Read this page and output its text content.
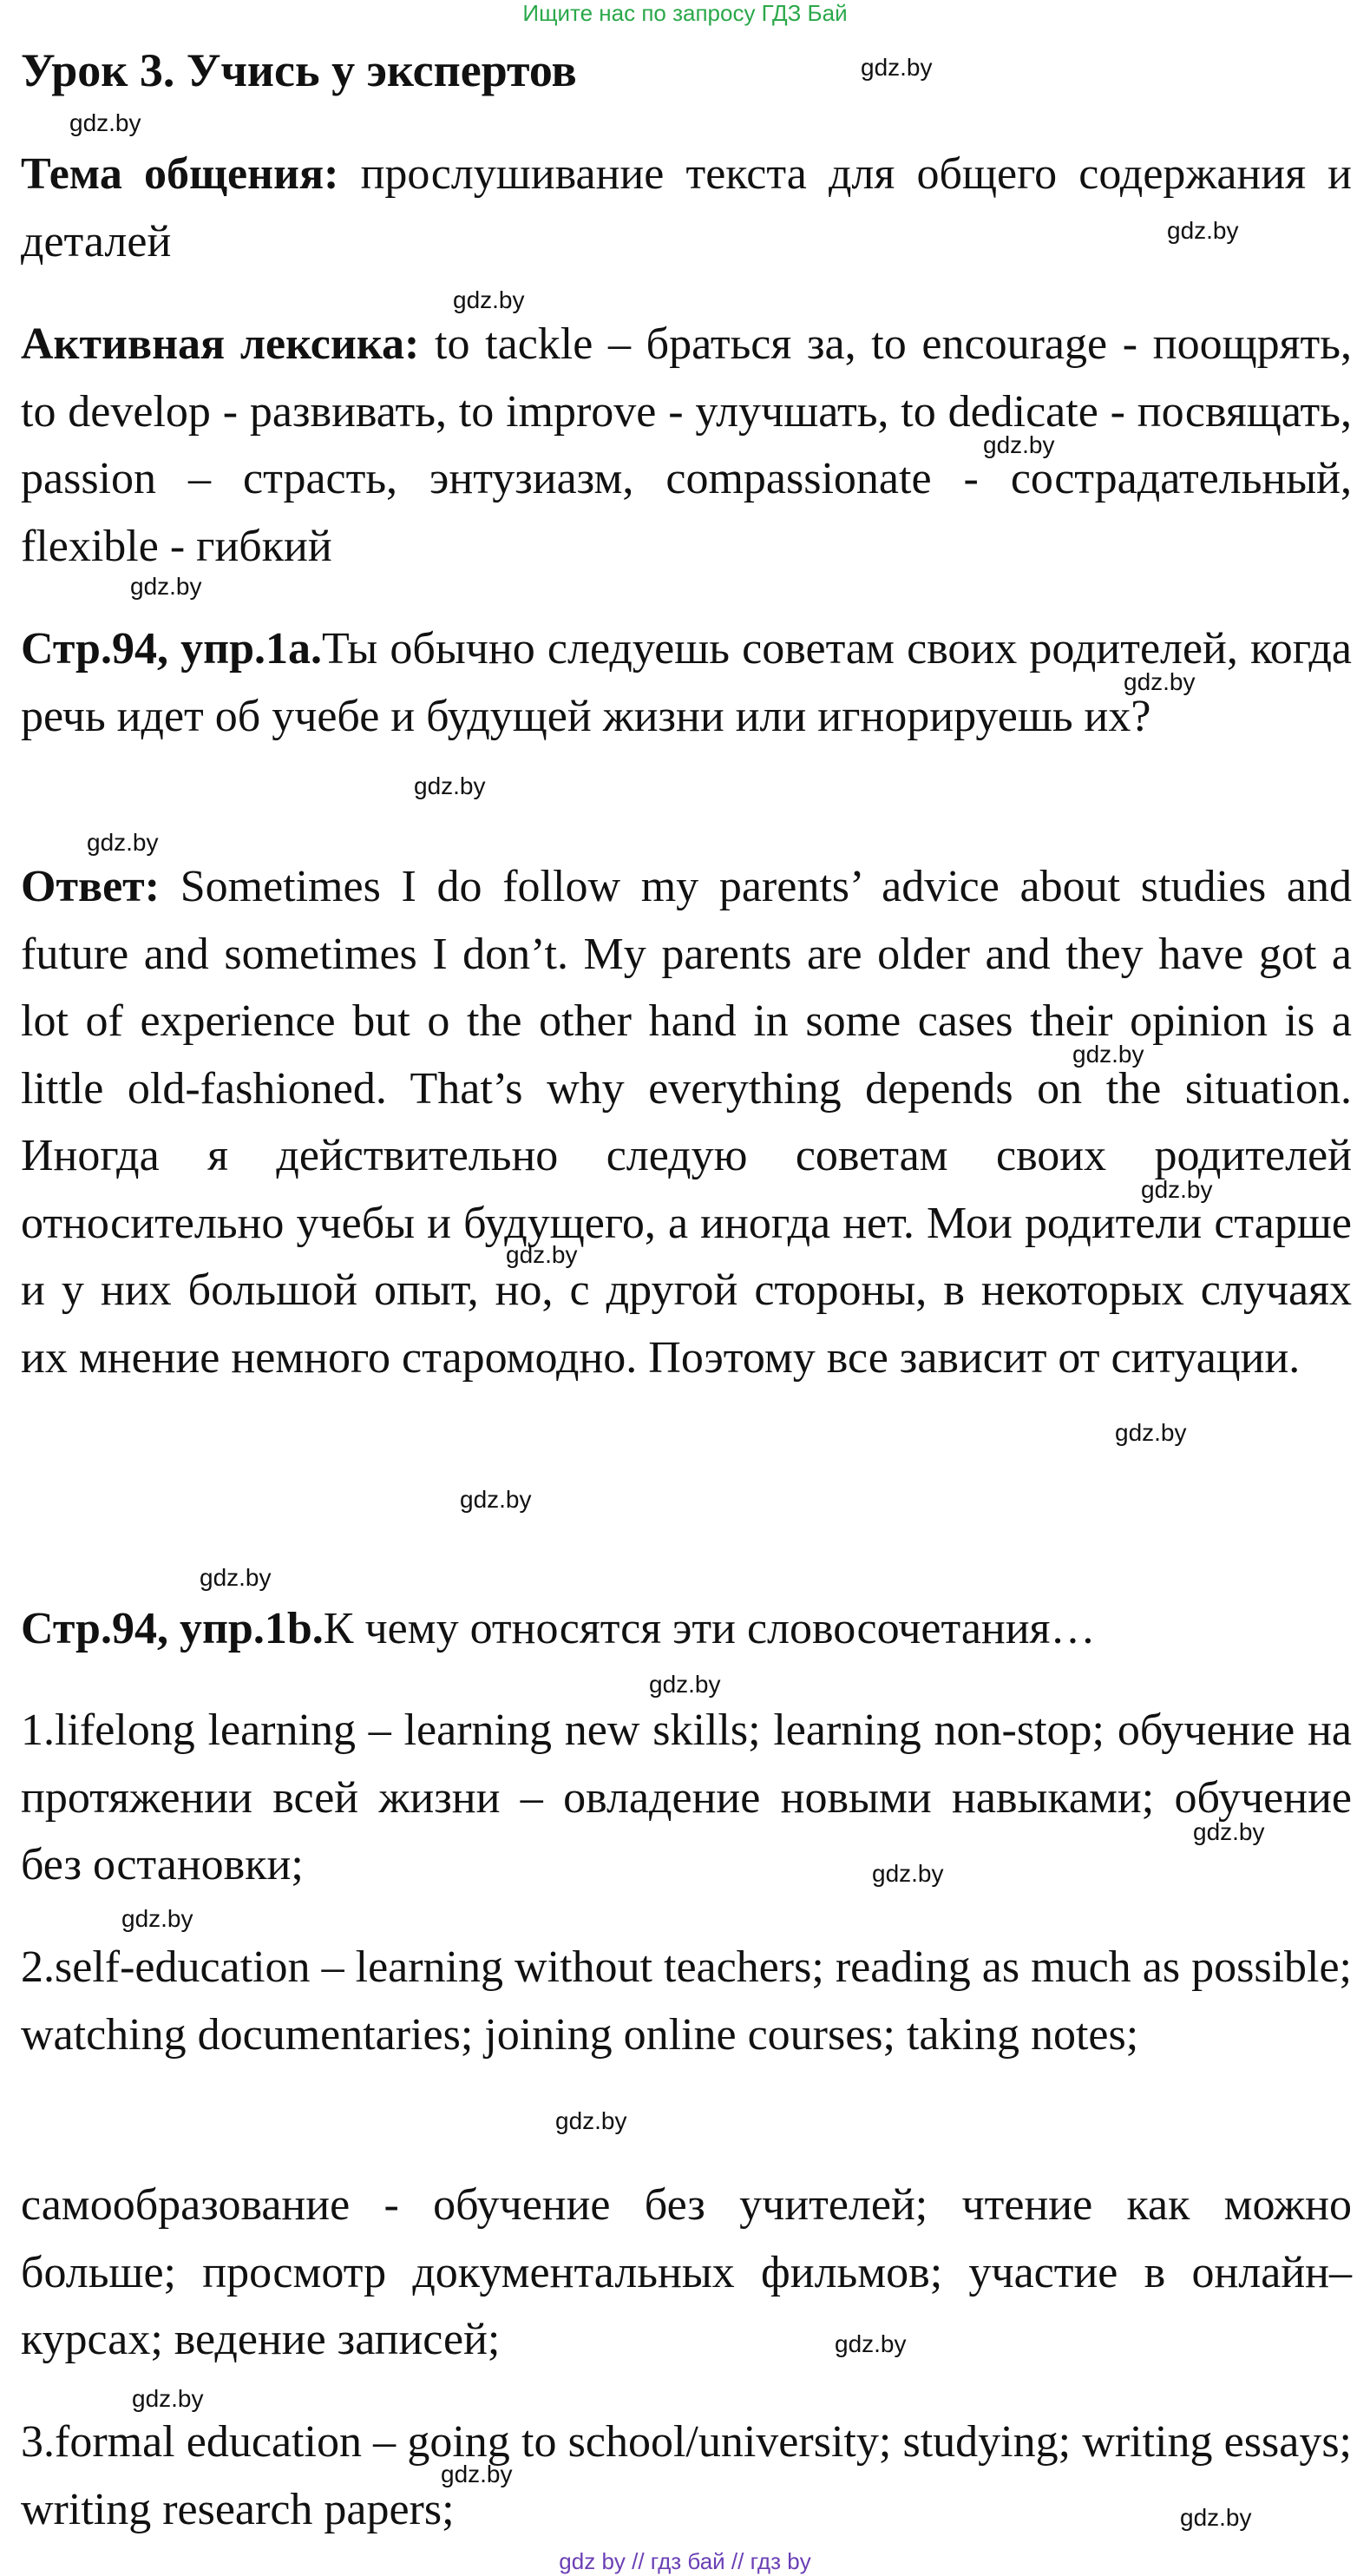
Ищите нас по запросу ГДЗ Бай
Урок 3. Учись у экспертов
Тема общения: прослушивание текста для общего содержания и деталей
Активная лексика: to tackle – браться за, to encourage - поощрять, to develop - развивать, to improve - улучшать, to dedicate - посвящать, passion – страсть, энтузиазм, compassionate - сострадательный, flexible - гибкий
Стр.94, упр.1а.Ты обычно следуешь советам своих родителей, когда речь идет об учебе и будущей жизни или игнорируешь их?
Ответ: Sometimes I do follow my parents’ advice about studies and future and sometimes I don’t. My parents are older and they have got a lot of experience but o the other hand in some cases their opinion is a little old-fashioned. That’s why everything depends on the situation. Иногда я действительно следую советам своих родителей относительно учебы и будущего, а иногда нет. Мои родители старше и у них большой опыт, но, с другой стороны, в некоторых случаях их мнение немного старомодно. Поэтому все зависит от ситуации.
Стр.94, упр.1b.К чему относятся эти словосочетания…
1.lifelong learning – learning new skills; learning non-stop; обучение на протяжении всей жизни – овладение новыми навыками; обучение без остановки;
2.self-education – learning without teachers; reading as much as possible; watching documentaries; joining online courses; taking notes;
самообразование - обучение без учителей; чтение как можно больше; просмотр документальных фильмов; участие в онлайн–курсах; ведение записей;
3.formal education – going to school/university; studying; writing essays; writing research papers;
gdz.by
gdz.by
gdz.by
gdz.by
gdz.by
gdz.by
gdz.by
gdz.by
gdz.by
gdz.by
gdz.by
gdz.by
gdz.by
gdz.by
gdz.by
gdz.by
gdz.by
gdz.by
gdz.by
gdz.by
gdz.by
gdz.by
gdz.by
gdz.by
gdz by // гдз бай // гдз by
